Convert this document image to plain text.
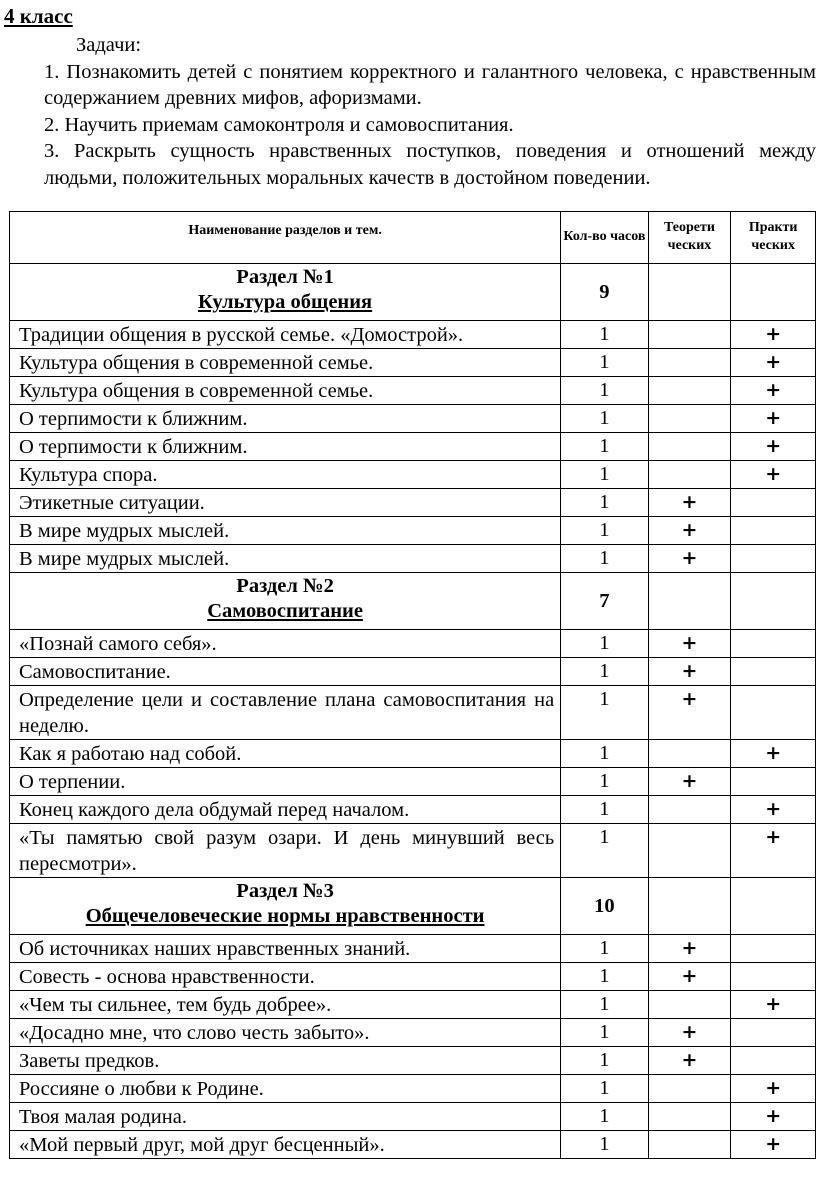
4 класс
Задачи:
1. Познакомить детей с понятием корректного и галантного человека, с нравственным содержанием древних мифов, афоризмами.
2. Научить приемам самоконтроля и самовоспитания.
3. Раскрыть сущность нравственных поступков, поведения и отношений между людьми, положительных моральных качеств в достойном поведении.
Наименование разделов и тем.	Кол-во часов	Теорети ческих	Практи ческих

Раздел №1
Культура общения	9		
Традиции общения в русской семье. «Домострой».	1		+
Культура общения в современной семье.	1		+
Культура общения в современной семье.	1		+
О терпимости к ближним.	1		+
О терпимости к ближним.	1		+
Культура спора.	1		+
Этикетные ситуации.	1	+	
В мире мудрых мыслей.	1	+	
В мире мудрых мыслей.	1	+	

Раздел №2
Самовоспитание	7		
«Познай самого себя».	1	+	
Самовоспитание.	1	+	
Определение цели и составление плана самовоспитания на неделю.	1	+	
Как я работаю над собой.	1		+
О терпении.	1	+	
Конец каждого дела обдумай перед началом.	1		+
«Ты памятью свой разум озари. И день минувший весь пересмотри».	1		+

Раздел №3
Общечеловеческие нормы нравственности	10		
Об источниках наших нравственных знаний.	1	+	
Совесть - основа нравственности.	1	+	
«Чем ты сильнее, тем будь добрее».	1		+
«Досадно мне, что слово честь забыто».	1	+	
Заветы предков.	1	+	
Россияне о любви к Родине.	1		+
Твоя малая родина.	1		+
«Мой первый друг, мой друг бесценный».	1		+
